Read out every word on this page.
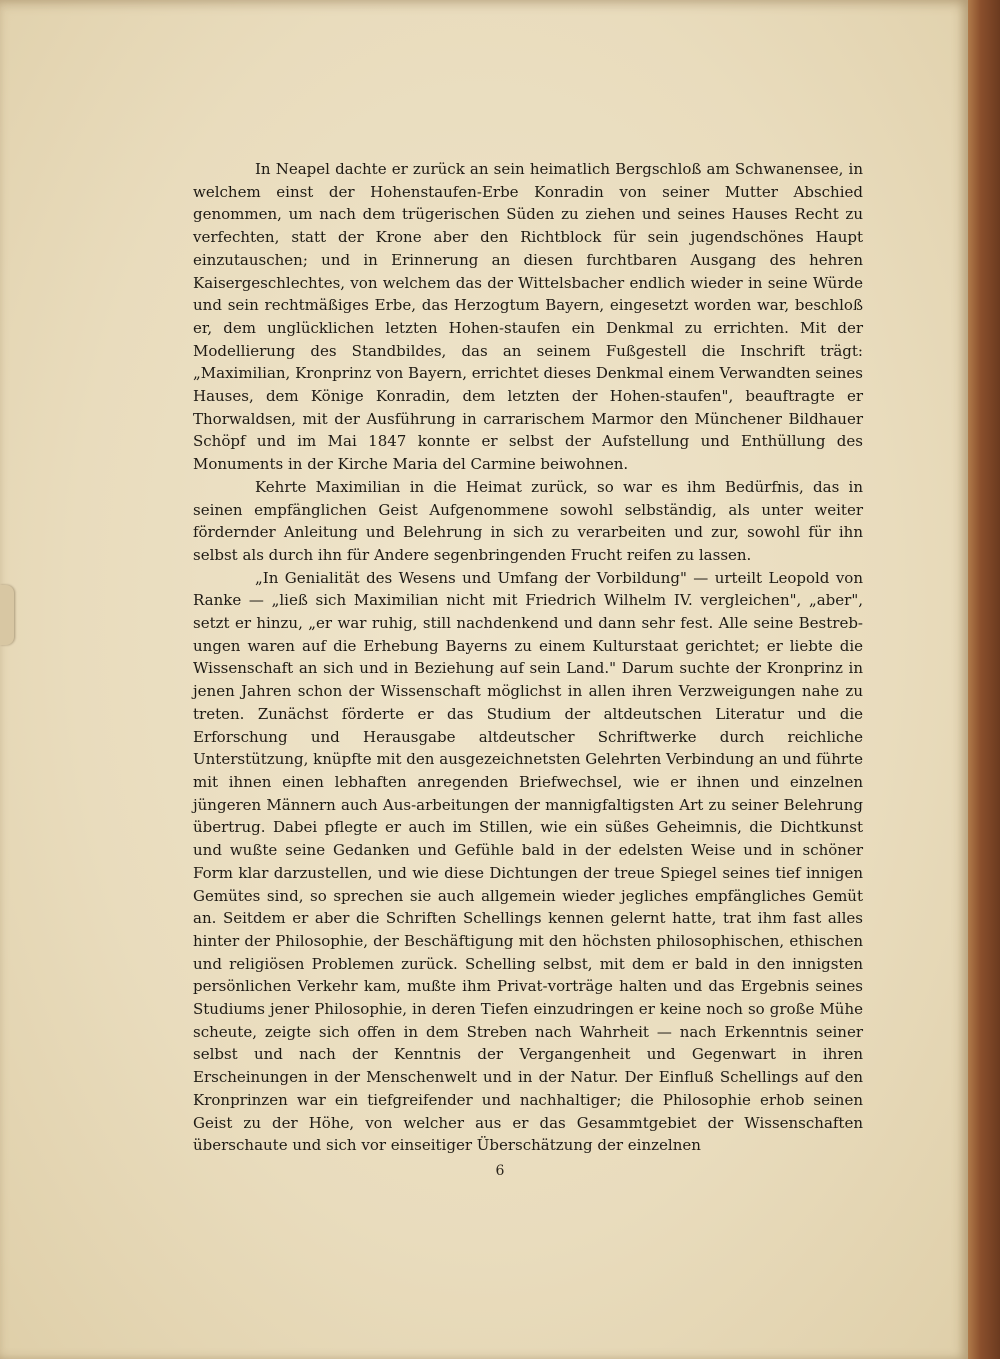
In Neapel dachte er zurück an sein heimatlich Bergschloß am Schwanensee, in welchem einst der Hohenstaufen-Erbe Konradin von seiner Mutter Abschied genommen, um nach dem trügerischen Süden zu ziehen und seines Hauses Recht zu verfechten, statt der Krone aber den Richtblock für sein jugendschönes Haupt einzutauschen; und in Erinnerung an diesen furchtbaren Ausgang des hehren Kaisergeschlechtes, von welchem das der Wittelsbacher endlich wieder in seine Würde und sein rechtmäßiges Erbe, das Herzogtum Bayern, eingesetzt worden war, beschloß er, dem unglücklichen letzten Hohen-staufen ein Denkmal zu errichten. Mit der Modellierung des Standbildes, das an seinem Fußgestell die Inschrift trägt: „Maximilian, Kronprinz von Bayern, errichtet dieses Denkmal einem Verwandten seines Hauses, dem Könige Konradin, dem letzten der Hohen-staufen", beauftragte er Thorwaldsen, mit der Ausführung in carrarischem Marmor den Münchener Bildhauer Schöpf und im Mai 1847 konnte er selbst der Aufstellung und Enthüllung des Monuments in der Kirche Maria del Carmine beiwohnen.

Kehrte Maximilian in die Heimat zurück, so war es ihm Bedürfnis, das in seinen empfänglichen Geist Aufgenommene sowohl selbständig, als unter weiter fördernder Anleitung und Belehrung in sich zu verarbeiten und zur, sowohl für ihn selbst als durch ihn für Andere segenbringenden Frucht reifen zu lassen.

„In Genialität des Wesens und Umfang der Vorbildung" — urteilt Leopold von Ranke — „ließ sich Maximilian nicht mit Friedrich Wilhelm IV. vergleichen", „aber", setzt er hinzu, „er war ruhig, still nachdenkend und dann sehr fest. Alle seine Bestreb-ungen waren auf die Erhebung Bayerns zu einem Kulturstaat gerichtet; er liebte die Wissenschaft an sich und in Beziehung auf sein Land." Darum suchte der Kronprinz in jenen Jahren schon der Wissenschaft möglichst in allen ihren Verzweigungen nahe zu treten. Zunächst förderte er das Studium der altdeutschen Literatur und die Erforschung und Herausgabe altdeutscher Schriftwerke durch reichliche Unterstützung, knüpfte mit den ausgezeichnetsten Gelehrten Verbindung an und führte mit ihnen einen lebhaften anregenden Briefwechsel, wie er ihnen und einzelnen jüngeren Männern auch Aus-arbeitungen der mannigfaltigsten Art zu seiner Belehrung übertrug. Dabei pflegte er auch im Stillen, wie ein süßes Geheimnis, die Dichtkunst und wußte seine Gedanken und Gefühle bald in der edelsten Weise und in schöner Form klar darzustellen, und wie diese Dichtungen der treue Spiegel seines tief innigen Gemütes sind, so sprechen sie auch allgemein wieder jegliches empfängliches Gemüt an. Seitdem er aber die Schriften Schellings kennen gelernt hatte, trat ihm fast alles hinter der Philosophie, der Beschäftigung mit den höchsten philosophischen, ethischen und religiösen Problemen zurück. Schelling selbst, mit dem er bald in den innigsten persönlichen Verkehr kam, mußte ihm Privat-vorträge halten und das Ergebnis seines Studiums jener Philosophie, in deren Tiefen einzudringen er keine noch so große Mühe scheute, zeigte sich offen in dem Streben nach Wahrheit — nach Erkenntnis seiner selbst und nach der Kenntnis der Vergangenheit und Gegenwart in ihren Erscheinungen in der Menschenwelt und in der Natur. Der Einfluß Schellings auf den Kronprinzen war ein tiefgreifender und nachhaltiger; die Philosophie erhob seinen Geist zu der Höhe, von welcher aus er das Gesammtgebiet der Wissenschaften überschaute und sich vor einseitiger Überschätzung der einzelnen

6
